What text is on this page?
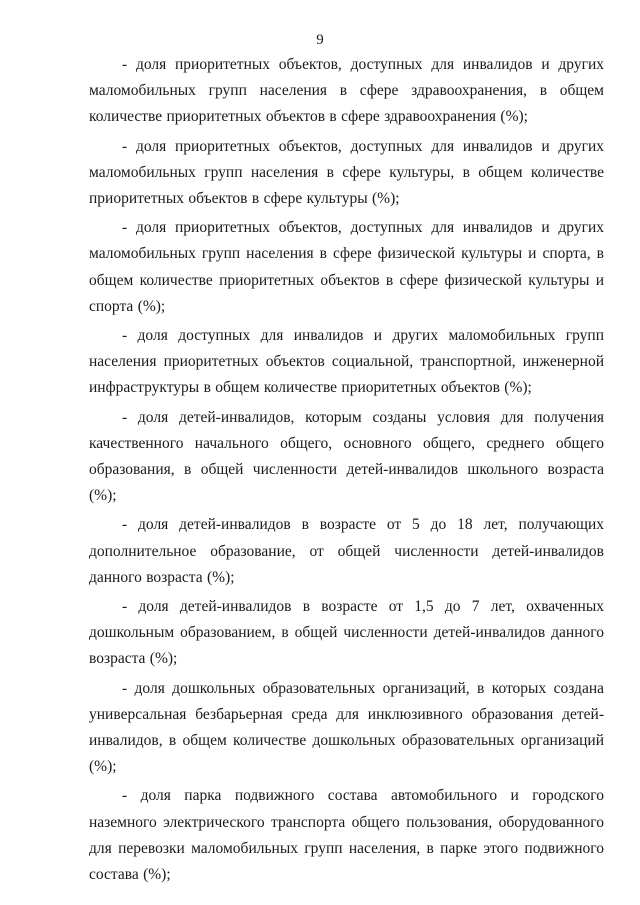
9

- доля приоритетных объектов, доступных для инвалидов и других маломобильных групп населения в сфере здравоохранения, в общем количестве приоритетных объектов в сфере здравоохранения (%);

- доля приоритетных объектов, доступных для инвалидов и других маломобильных групп населения в сфере культуры, в общем количестве приоритетных объектов в сфере культуры (%);

- доля приоритетных объектов, доступных для инвалидов и других маломобильных групп населения в сфере физической культуры и спорта, в общем количестве приоритетных объектов в сфере физической культуры и спорта (%);

- доля доступных для инвалидов и других маломобильных групп населения приоритетных объектов социальной, транспортной, инженерной инфраструктуры в общем количестве приоритетных объектов (%);

- доля детей-инвалидов, которым созданы условия для получения качественного начального общего, основного общего, среднего общего образования, в общей численности детей-инвалидов школьного возраста (%);

- доля детей-инвалидов в возрасте от 5 до 18 лет, получающих дополнительное образование, от общей численности детей-инвалидов данного возраста (%);

- доля детей-инвалидов в возрасте от 1,5 до 7 лет, охваченных дошкольным образованием, в общей численности детей-инвалидов данного возраста (%);

- доля дошкольных образовательных организаций, в которых создана универсальная безбарьерная среда для инклюзивного образования детей-инвалидов, в общем количестве дошкольных образовательных организаций (%);

- доля парка подвижного состава автомобильного и городского наземного электрического транспорта общего пользования, оборудованного для перевозки маломобильных групп населения, в парке этого подвижного состава (%);
